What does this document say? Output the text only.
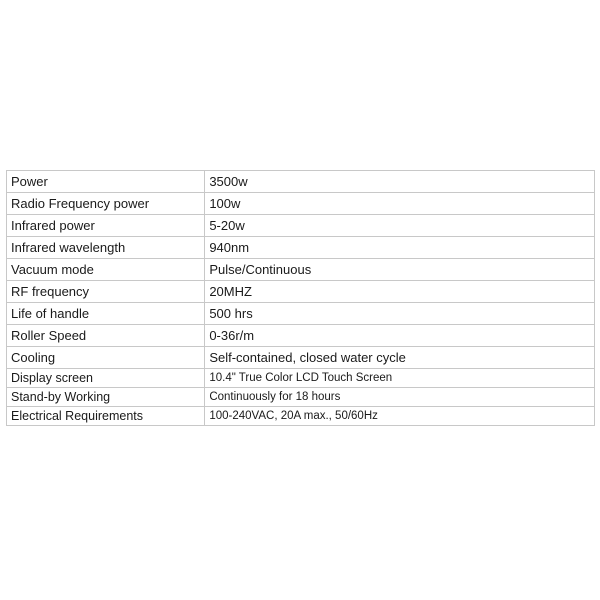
Power	3500w
Radio Frequency power	100w
Infrared power	5-20w
Infrared wavelength	940nm
Vacuum mode	Pulse/Continuous
RF frequency	20MHZ
Life of handle	500 hrs
Roller Speed	0-36r/m
Cooling	Self-contained, closed water cycle
Display screen	10.4" True Color LCD Touch Screen
Stand-by Working	Continuously for 18 hours
Electrical Requirements	100-240VAC, 20A max., 50/60Hz
